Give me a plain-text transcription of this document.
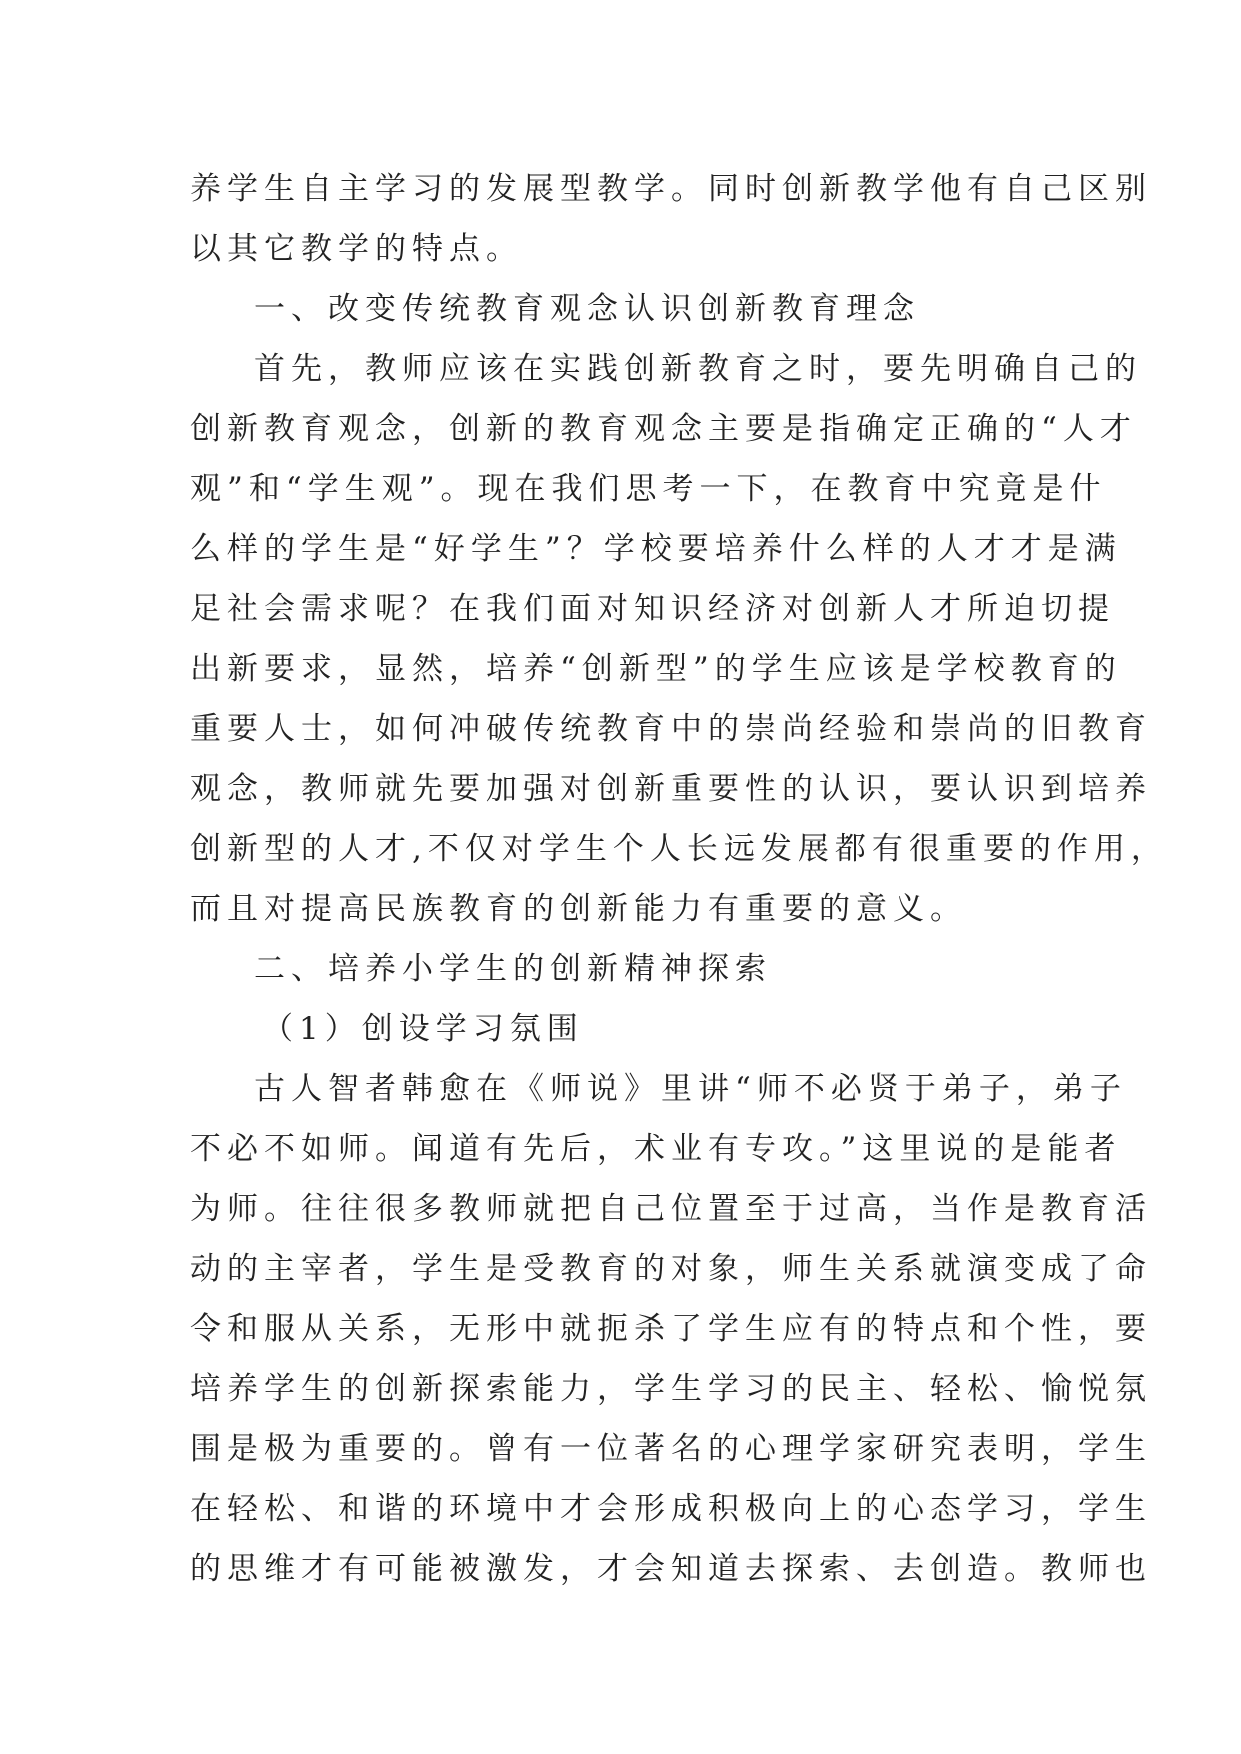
养学生自主学习的发展型教学。同时创新教学他有自己区别
以其它教学的特点。
一、改变传统教育观念认识创新教育理念
首先，教师应该在实践创新教育之时，要先明确自己的
创新教育观念，创新的教育观念主要是指确定正确的“人才
观”和“学生观”。现在我们思考一下，在教育中究竟是什
么样的学生是“好学生”？学校要培养什么样的人才才是满
足社会需求呢？在我们面对知识经济对创新人才所迫切提
出新要求，显然，培养“创新型”的学生应该是学校教育的
重要人士，如何冲破传统教育中的崇尚经验和崇尚的旧教育
观念，教师就先要加强对创新重要性的认识，要认识到培养
创新型的人才,不仅对学生个人长远发展都有很重要的作用，
而且对提高民族教育的创新能力有重要的意义。
二、培养小学生的创新精神探索
（1）创设学习氛围
古人智者韩愈在《师说》里讲“师不必贤于弟子，弟子
不必不如师。闻道有先后，术业有专攻。”这里说的是能者
为师。往往很多教师就把自己位置至于过高，当作是教育活
动的主宰者，学生是受教育的对象，师生关系就演变成了命
令和服从关系，无形中就扼杀了学生应有的特点和个性，要
培养学生的创新探索能力，学生学习的民主、轻松、愉悦氛
围是极为重要的。曾有一位著名的心理学家研究表明，学生
在轻松、和谐的环境中才会形成积极向上的心态学习，学生
的思维才有可能被激发，才会知道去探索、去创造。教师也
